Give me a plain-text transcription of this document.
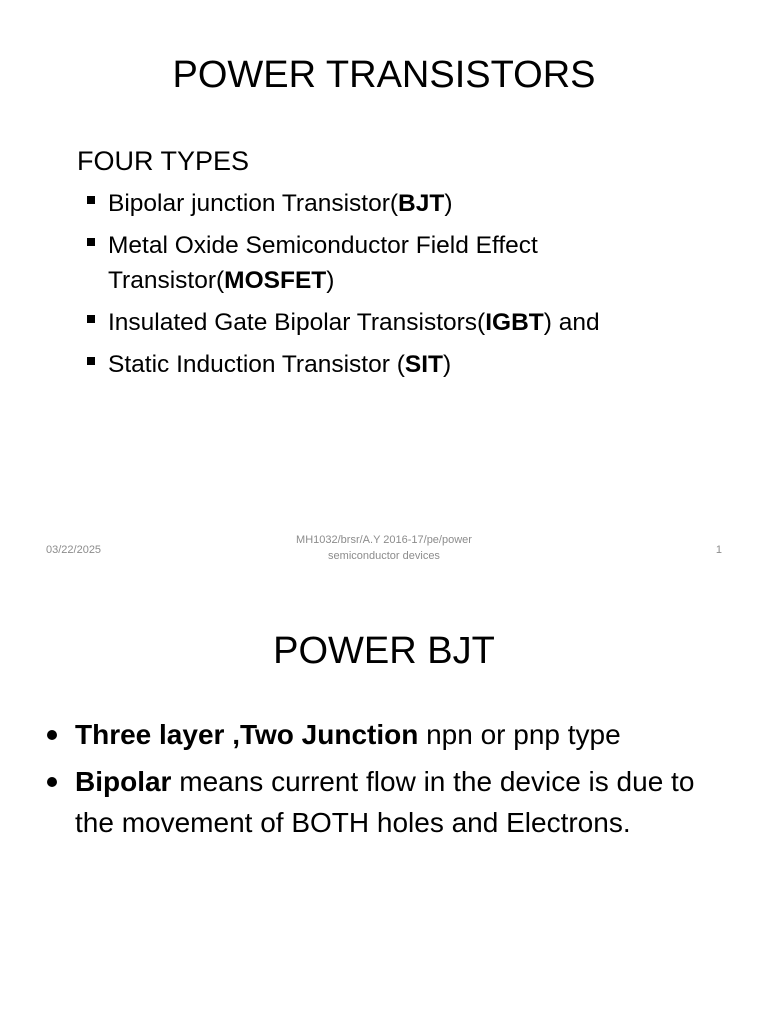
POWER TRANSISTORS
FOUR TYPES
Bipolar junction Transistor(BJT)
Metal Oxide Semiconductor Field Effect Transistor(MOSFET)
Insulated Gate Bipolar Transistors(IGBT) and
Static Induction Transistor (SIT)
03/22/2025
MH1032/brsr/A.Y 2016-17/pe/power
semiconductor devices	1
POWER BJT
Three layer ,Two Junction npn or pnp type
Bipolar means current flow in the device is due to the movement of BOTH holes and Electrons.
